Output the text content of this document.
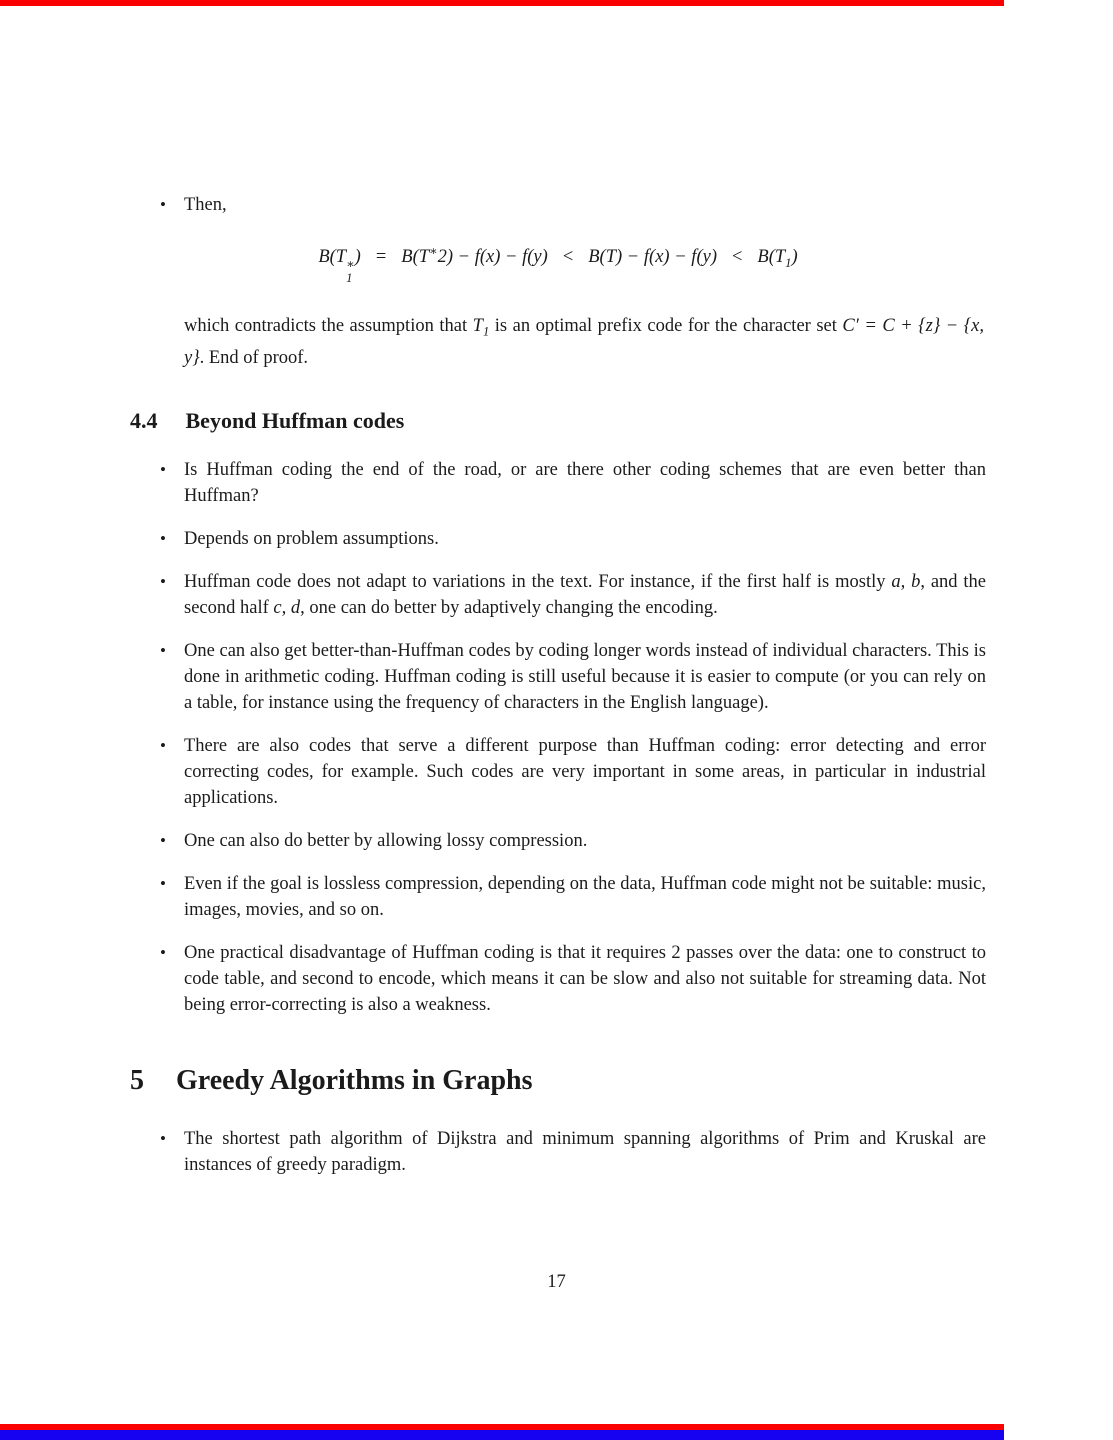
• Then,
B(T ∗
1
) = $B(T^∗2) - f(x) - f(y) < B(T) - f(x) - f(y) < B(T_1)$

which contradicts the assumption that $T_1$ is an optimal prefix code for the character set C′ = C + {z} − {x, y}. End of proof.

4.4 Beyond Huffman codes
• Is Huffman coding the end of the road, or are there other coding schemes that are even better than Huffman?
• Depends on problem assumptions.
• Huffman code does not adapt to variations in the text. For instance, if the first half is mostly a, b, and the second half c, d, one can do better by adaptively changing the encoding.
• One can also get better-than-Huffman codes by coding longer words instead of individual characters. This is done in arithmetic coding. Huffman coding is still useful because it is easier to compute (or you can rely on a table, for instance using the frequency of characters in the English language).
• There are also codes that serve a different purpose than Huffman coding: error detecting and error correcting codes, for example. Such codes are very important in some areas, in particular in industrial applications.
• One can also do better by allowing lossy compression.
• Even if the goal is lossless compression, depending on the data, Huffman code might not be suitable: music, images, movies, and so on.
• One practical disadvantage of Huffman coding is that it requires 2 passes over the data: one to construct to code table, and second to encode, which means it can be slow and also not suitable for streaming data. Not being error-correcting is also a weakness.
5 Greedy Algorithms in Graphs
• The shortest path algorithm of Dijkstra and minimum spanning algorithms of Prim and Kruskal are instances of greedy paradigm.
17
